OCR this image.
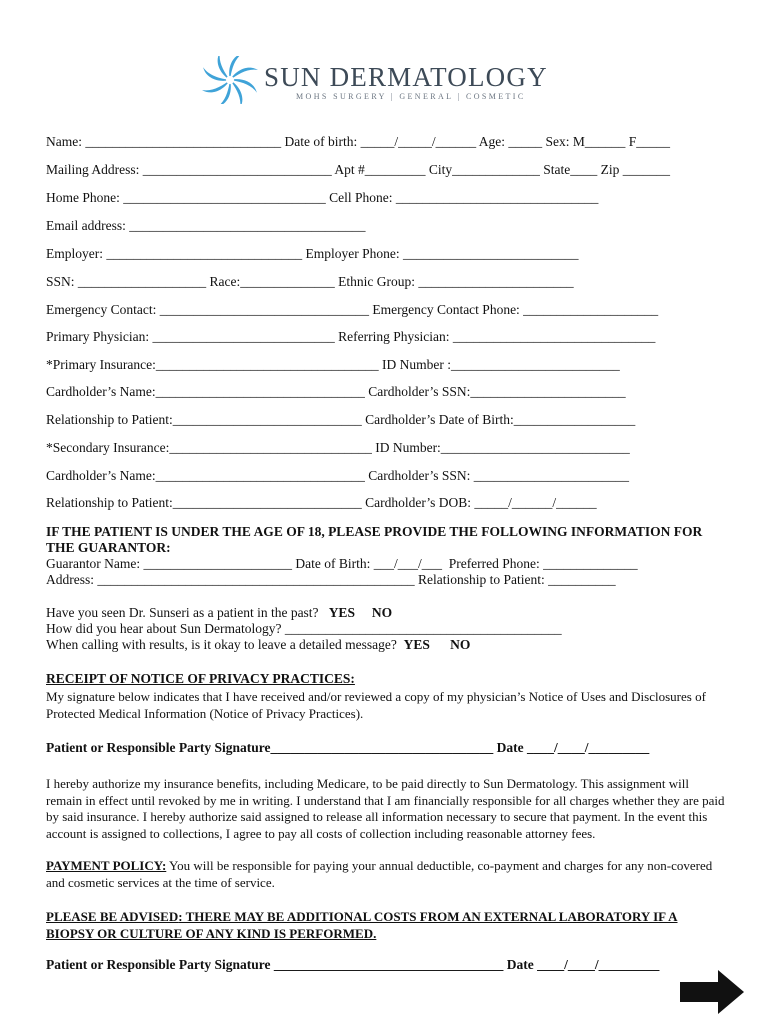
SUN DERMATOLOGY
MOHS SURGERY | GENERAL | COSMETIC
Name: _____________________________ Date of birth: _____/_____/______ Age: _____ Sex: M______ F_____
Mailing Address: ____________________________ Apt #_________ City_____________ State____ Zip _______
Home Phone: ______________________________ Cell Phone: ______________________________
Email address: ___________________________________
Employer: _____________________________ Employer Phone: __________________________
SSN: ___________________ Race:______________ Ethnic Group: _______________________
Emergency Contact: _______________________________ Emergency Contact Phone: ____________________
Primary Physician: ___________________________ Referring Physician: ______________________________
*Primary Insurance:_________________________________ ID Number :_________________________
Cardholder’s Name:_______________________________ Cardholder’s SSN:_______________________
Relationship to Patient:____________________________ Cardholder’s Date of Birth:__________________
*Secondary Insurance:______________________________ ID Number:____________________________
Cardholder’s Name:_______________________________ Cardholder’s SSN: _______________________
Relationship to Patient:____________________________ Cardholder’s DOB: _____/______/______
IF THE PATIENT IS UNDER THE AGE OF 18, PLEASE PROVIDE THE FOLLOWING INFORMATION FOR
THE GUARANTOR:
Guarantor Name: ______________________ Date of Birth: ___/___/___  Preferred Phone: ______________
Address: _______________________________________________ Relationship to Patient: __________
Have you seen Dr. Sunseri as a patient in the past? YES NO
How did you hear about Sun Dermatology? _________________________________________
When calling with results, is it okay to leave a detailed message? YES NO
RECEIPT OF NOTICE OF PRIVACY PRACTICES:
My signature below indicates that I have received and/or reviewed a copy of my physician’s Notice of Uses and Disclosures of Protected Medical Information (Notice of Privacy Practices).
Patient or Responsible Party Signature_________________________________ Date ____/____/_________
I hereby authorize my insurance benefits, including Medicare, to be paid directly to Sun Dermatology. This assignment will remain in effect until revoked by me in writing. I understand that I am financially responsible for all charges whether they are paid by said insurance. I hereby authorize said assigned to release all information necessary to secure that payment. In the event this account is assigned to collections, I agree to pay all costs of collection including reasonable attorney fees.
PAYMENT POLICY: You will be responsible for paying your annual deductible, co-payment and charges for any non-covered and cosmetic services at the time of service.
PLEASE BE ADVISED: THERE MAY BE ADDITIONAL COSTS FROM AN EXTERNAL LABORATORY IF A BIOPSY OR CULTURE OF ANY KIND IS PERFORMED.
Patient or Responsible Party Signature __________________________________ Date ____/____/_________
